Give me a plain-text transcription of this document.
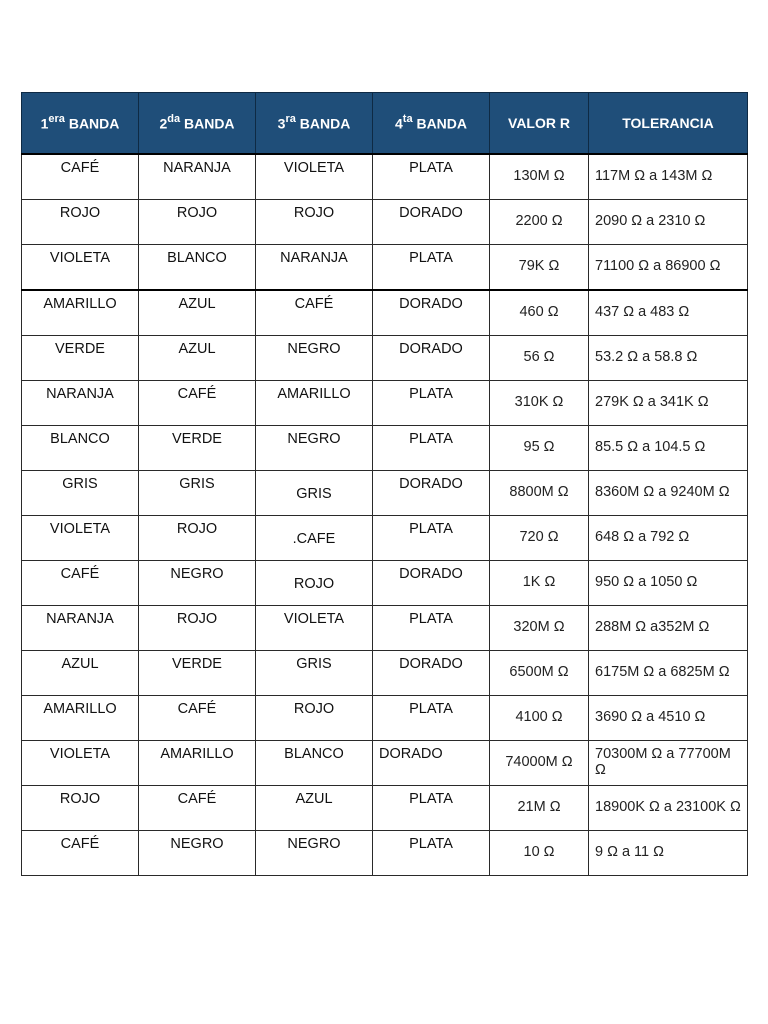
$1^{era}$ BANDA	$2^{da}$ BANDA	$3^{ra}$ BANDA	$4^{ta}$ BANDA	VALOR R	TOLERANCIA
CAFÉ	NARANJA	VIOLETA	PLATA	130M Ω	117M Ω a 143M Ω
ROJO	ROJO	ROJO	DORADO	2200 Ω	2090 Ω a 2310 Ω
VIOLETA	BLANCO	NARANJA	PLATA	79K Ω	71100 Ω a 86900 Ω
AMARILLO	AZUL	CAFÉ	DORADO	460 Ω	437 Ω a 483 Ω
VERDE	AZUL	NEGRO	DORADO	56 Ω	53.2 Ω a 58.8 Ω
NARANJA	CAFÉ	AMARILLO	PLATA	310K Ω	279K Ω a 341K Ω
BLANCO	VERDE	NEGRO	PLATA	95 Ω	85.5 Ω a 104.5 Ω
GRIS	GRIS	GRIS	DORADO	8800M Ω	8360M Ω a 9240M Ω
VIOLETA	ROJO	.CAFE	PLATA	720 Ω	648 Ω a 792 Ω
CAFÉ	NEGRO	ROJO	DORADO	1K Ω	950 Ω a 1050 Ω
NARANJA	ROJO	VIOLETA	PLATA	320M Ω	288M Ω a352M Ω
AZUL	VERDE	GRIS	DORADO	6500M Ω	6175M Ω a 6825M Ω
AMARILLO	CAFÉ	ROJO	PLATA	4100 Ω	3690 Ω a 4510 Ω
VIOLETA	AMARILLO	BLANCO	DORADO	74000M Ω	70300M Ω a 77700M Ω
ROJO	CAFÉ	AZUL	PLATA	21M Ω	18900K Ω a 23100K Ω
CAFÉ	NEGRO	NEGRO	PLATA	10 Ω	9 Ω a 11 Ω
